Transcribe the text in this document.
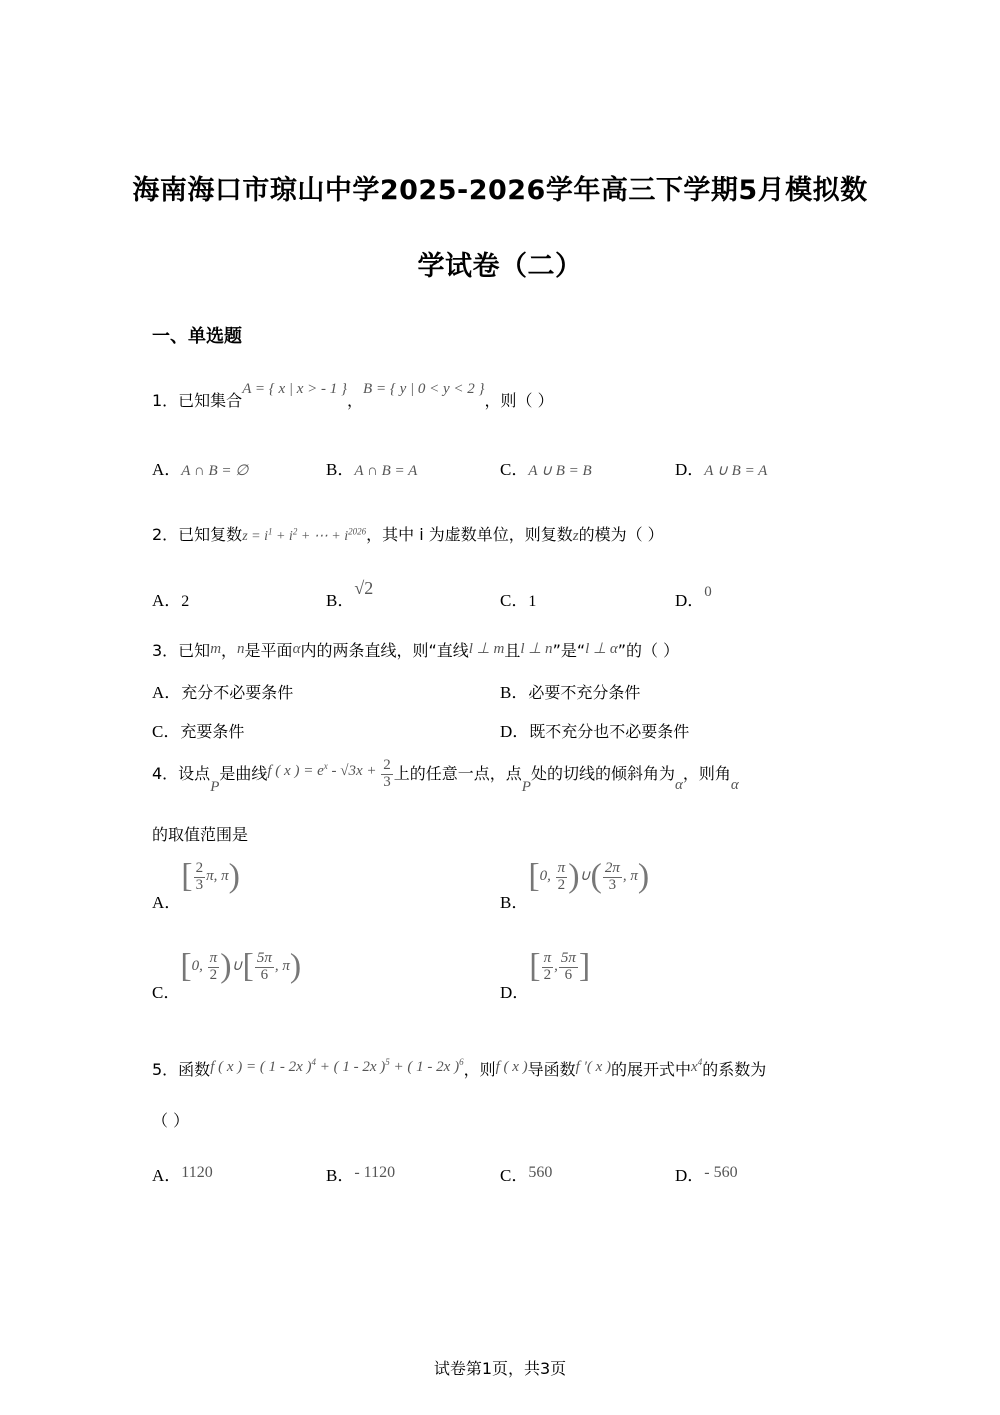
海南海口市琼山中学2025-2026学年高三下学期5月模拟数
学试卷（二）
一、单选题
1．已知集合A = { x | x > - 1 }，B = { y | 0 < y < 2 }，则（ ）
A．A ∩ B = ∅	B．A ∩ B = A	C．A ∪ B = B	D．A ∪ B = A
2．已知复数$z = i^1 + i^2$ + ⋯ + $i^{2026}$，其中 i 为虚数单位，则复数z的模为（ ）
A．2	B．√2
C．1	D．0
3．已知m，n是平面α内的两条直线，则“直线l ⊥ m且l ⊥ n”是“l ⊥ α”的（ ）
A．充分不必要条件	B．必要不充分条件
C．充要条件	D．既不充分也不必要条件
4．设点P是曲线f ( x ) = $e^x - √3x + \frac{2}{3}$ 上的任意一点，点P处的切线的倾斜角为α，则角α
的取值范围是
A．[ $\frac{2}{3} \pi$, π)
B．[0, $\frac{\pi}{2}$ )∪( $\frac{2\pi}{3}$ , π)
C．[0, $\frac{\pi}{2}$ )∪[ $\frac{5\pi}{6}$ , π)
D．[ $\frac{\pi}{2}$ , $\frac{5\pi}{6}$ ]
5．函数f ( x ) = ( 1 - 2x )$^4$ + ( 1 - 2x )$^5$ + ( 1 - 2x )$^6$，则f ( x )导函数f ′( x )的展开式中$x^4$的系数为
（ ）
A．1120	B．- 1120	C．560	D．- 560
试卷第1页，共3页
